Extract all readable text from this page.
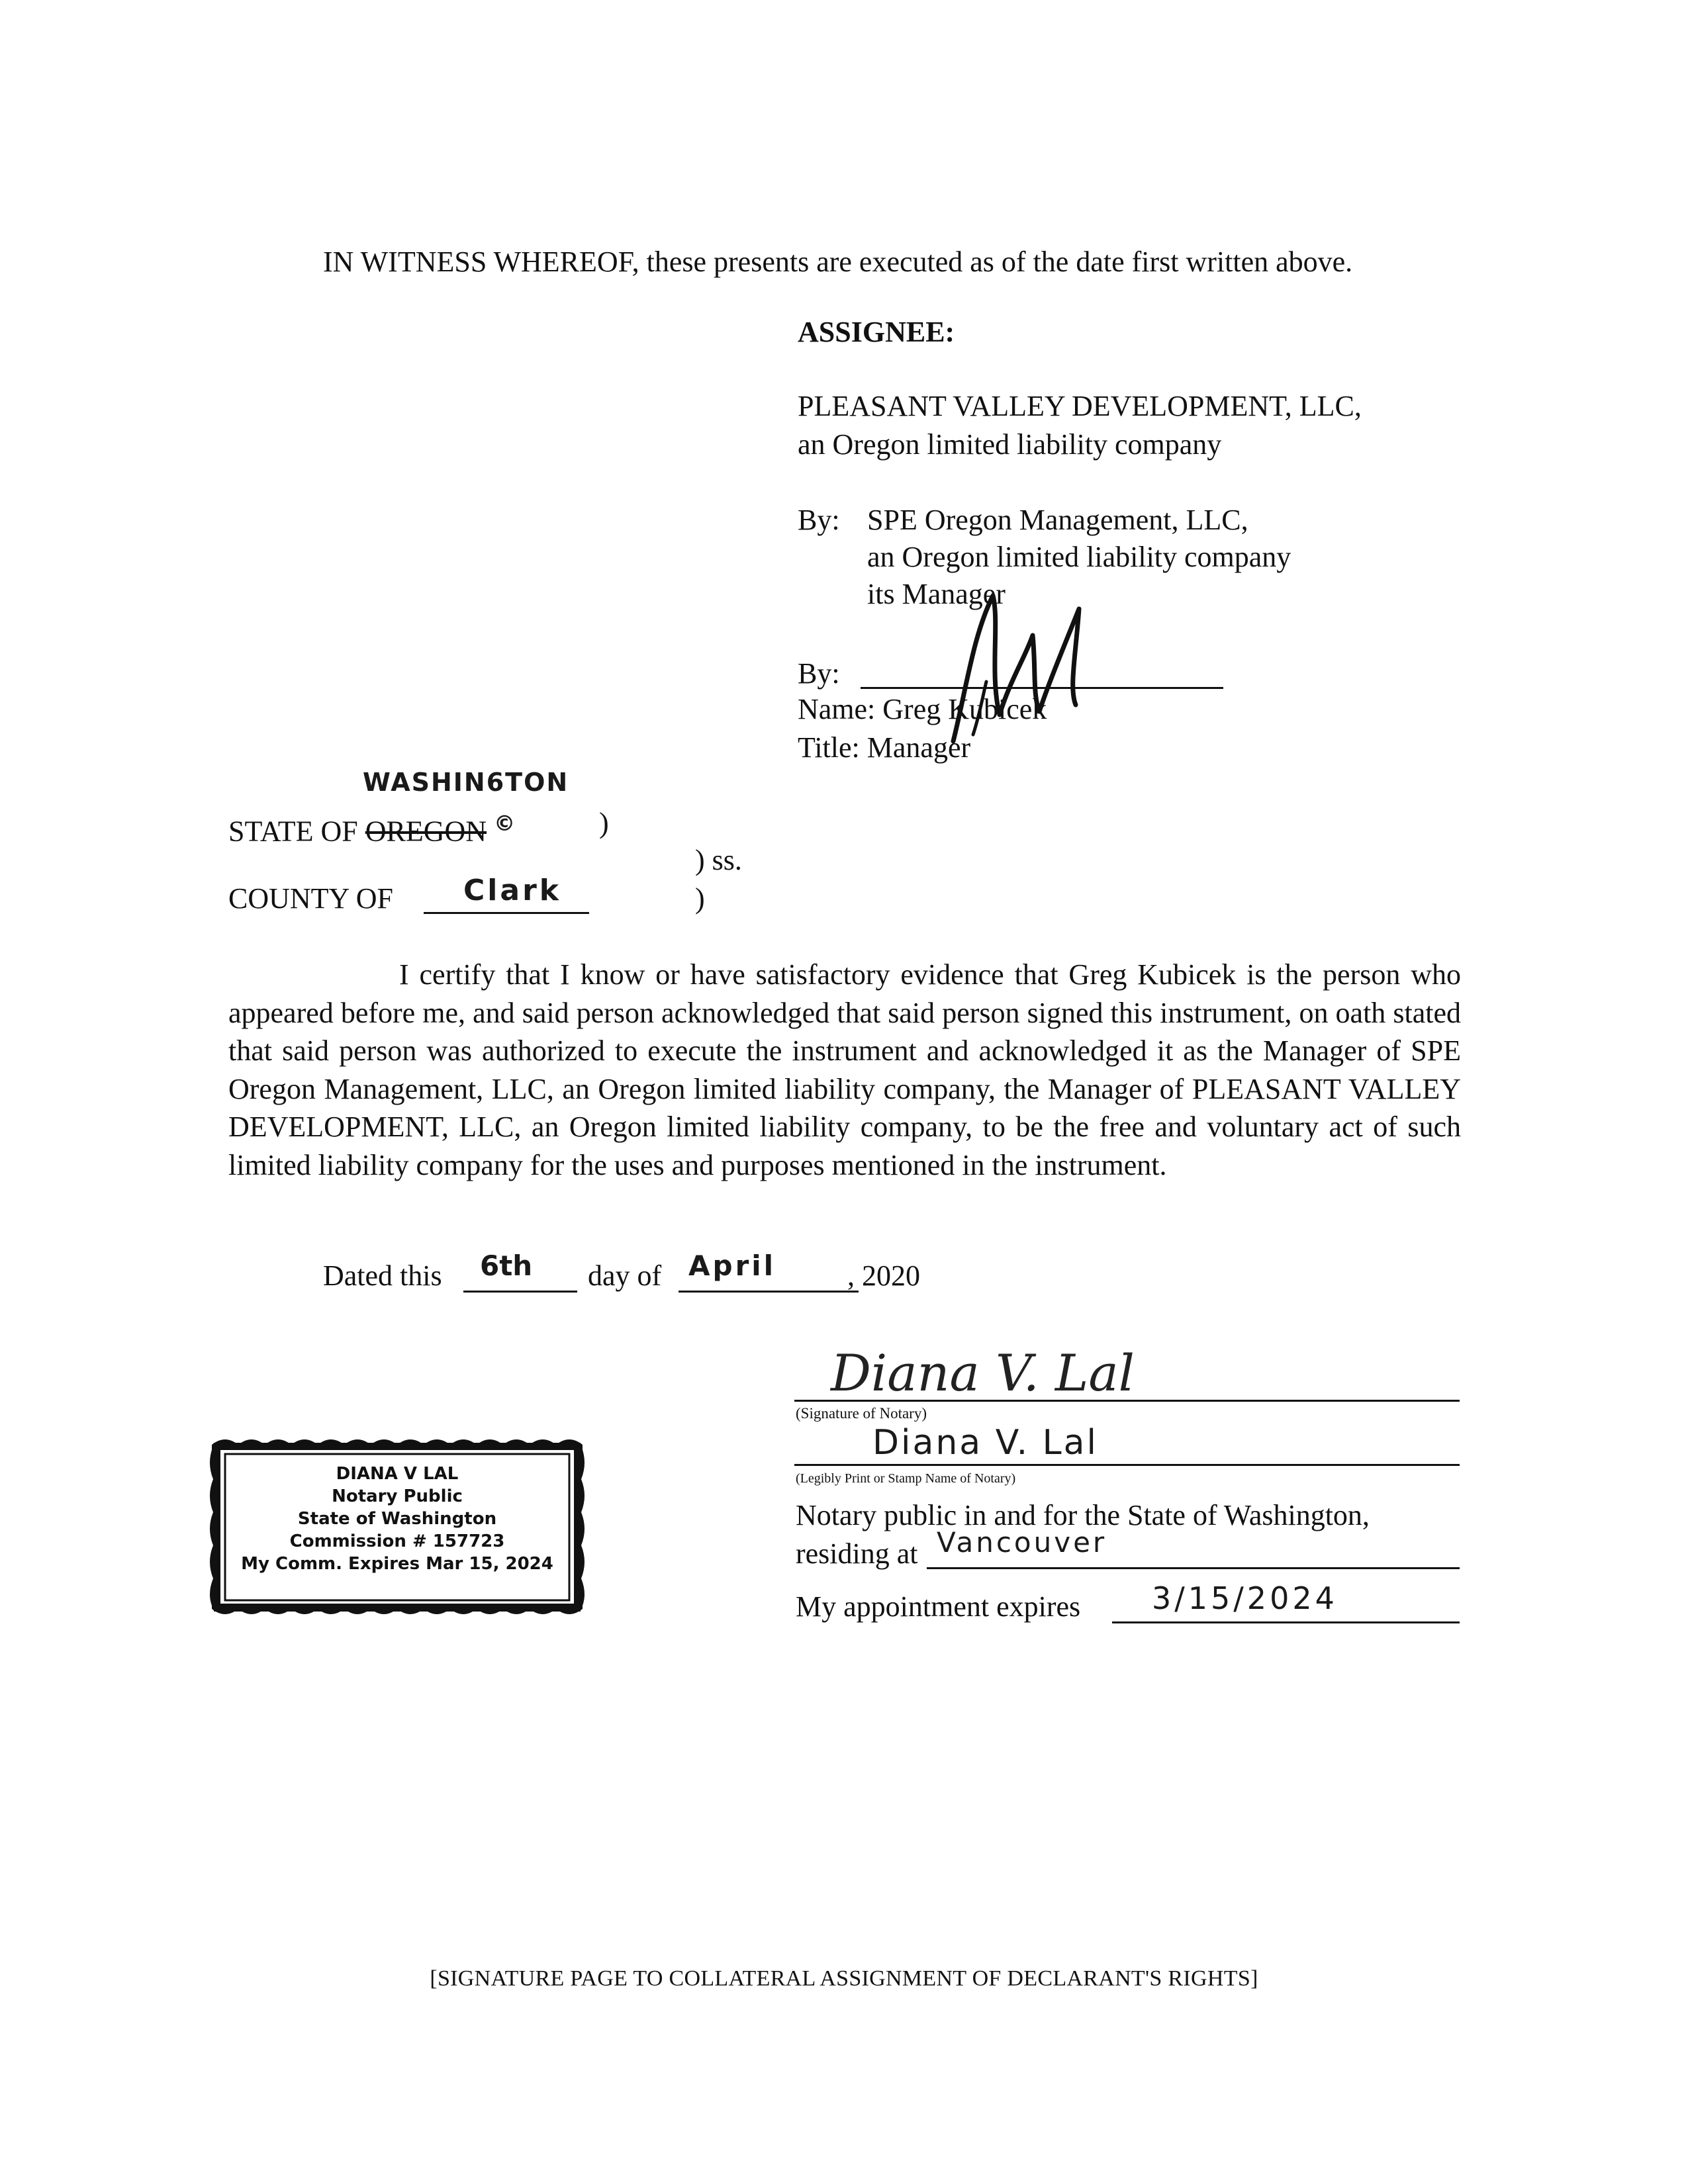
IN WITNESS WHEREOF, these presents are executed as of the date first written above.
ASSIGNEE:
PLEASANT VALLEY DEVELOPMENT, LLC,
an Oregon limited liability company
By: SPE Oregon Management, LLC,
an Oregon limited liability company
its Manager
By:
Name: Greg Kubicek
Title: Manager
WASHIN6TON
STATE OF OREGON ©	)
) ss.
COUNTY OF Clark	)
I certify that I know or have satisfactory evidence that Greg Kubicek is the person who appeared before me, and said person acknowledged that said person signed this instrument, on oath stated that said person was authorized to execute the instrument and acknowledged it as the Manager of SPE Oregon Management, LLC, an Oregon limited liability company, the Manager of PLEASANT VALLEY DEVELOPMENT, LLC, an Oregon limited liability company, to be the free and voluntary act of such limited liability company for the uses and purposes mentioned in the instrument.
Dated this 6th day of April , 2020
Diana V. Lal
(Signature of Notary)
Diana V. Lal
(Legibly Print or Stamp Name of Notary)
Notary public in and for the State of Washington,
residing at Vancouver
My appointment expires 3/15/2024
DIANA V LAL
Notary Public
State of Washington
Commission # 157723
My Comm. Expires Mar 15, 2024
[SIGNATURE PAGE TO COLLATERAL ASSIGNMENT OF DECLARANT'S RIGHTS]
